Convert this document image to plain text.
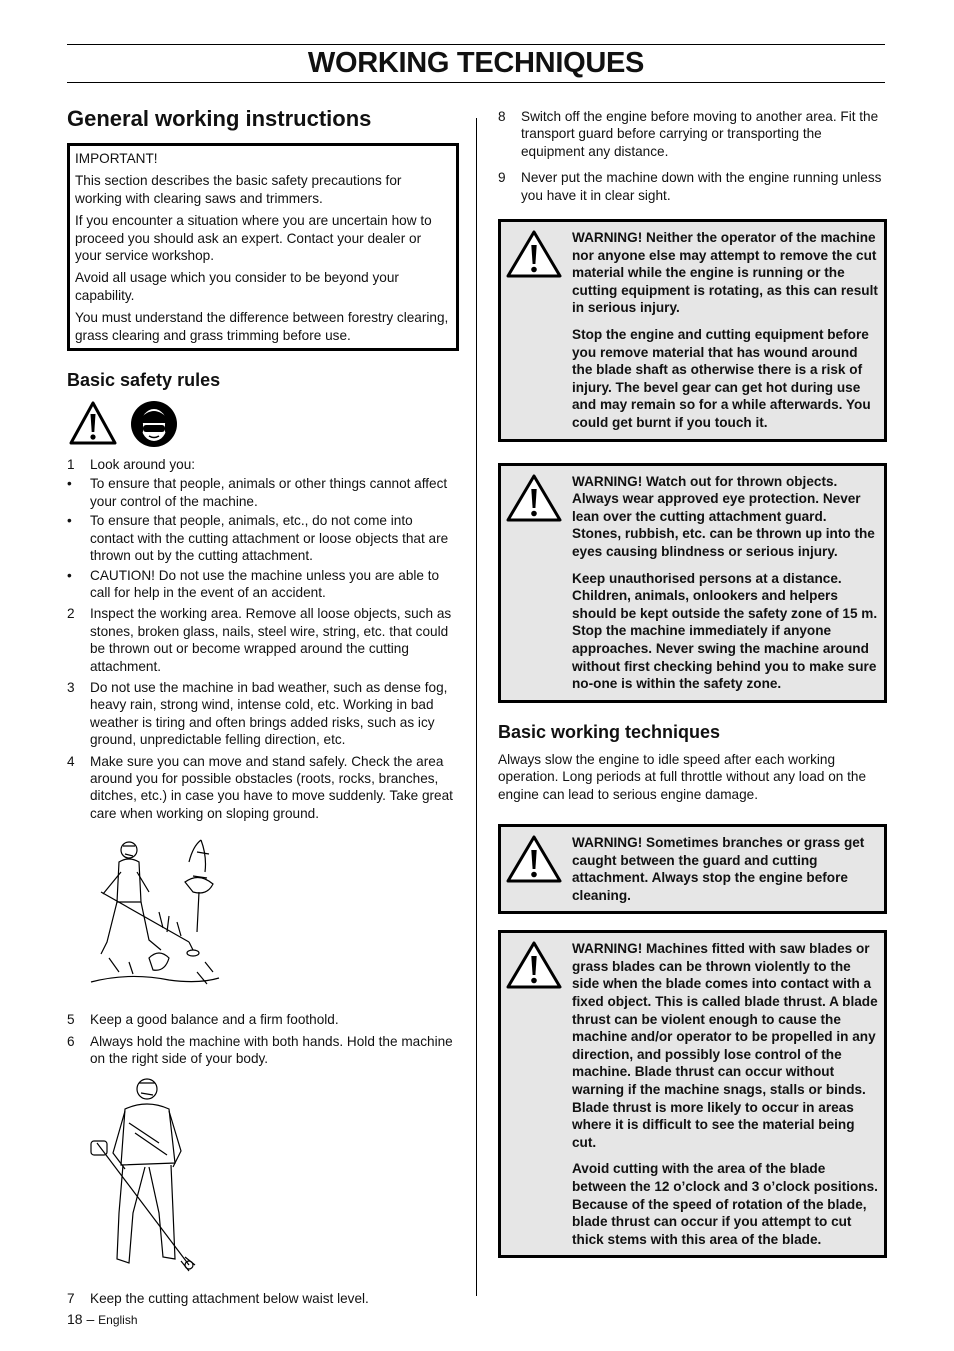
WORKING TECHNIQUES
General working instructions

IMPORTANT!

This section describes the basic safety precautions for working with clearing saws and trimmers.

If you encounter a situation where you are uncertain how to proceed you should ask an expert. Contact your dealer or your service workshop.

Avoid all usage which you consider to be beyond your capability.

You must understand the difference between forestry clearing, grass clearing and grass trimming before use.

Basic safety rules
1	Look around you:
•	To ensure that people, animals or other things cannot affect your control of the machine.
•	To ensure that people, animals, etc., do not come into contact with the cutting attachment or loose objects that are thrown out by the cutting attachment.
•	CAUTION! Do not use the machine unless you are able to call for help in the event of an accident.
2	Inspect the working area. Remove all loose objects, such as stones, broken glass, nails, steel wire, string, etc. that could be thrown out or become wrapped around the cutting attachment.
3	Do not use the machine in bad weather, such as dense fog, heavy rain, strong wind, intense cold, etc. Working in bad weather is tiring and often brings added risks, such as icy ground, unpredictable felling direction, etc.
4	Make sure you can move and stand safely. Check the area around you for possible obstacles (roots, rocks, branches, ditches, etc.) in case you have to move suddenly. Take great care when working on sloping ground.
5	Keep a good balance and a firm foothold.
6	Always hold the machine with both hands. Hold the machine on the right side of your body.
7	Keep the cutting attachment below waist level.
8	Switch off the engine before moving to another area. Fit the transport guard before carrying or transporting the equipment any distance.
9	Never put the machine down with the engine running unless you have it in clear sight.

WARNING! Neither the operator of the machine nor anyone else may attempt to remove the cut material while the engine is running or the cutting equipment is rotating, as this can result in serious injury.

Stop the engine and cutting equipment before you remove material that has wound around the blade shaft as otherwise there is a risk of injury. The bevel gear can get hot during use and may remain so for a while afterwards. You could get burnt if you touch it.

WARNING! Watch out for thrown objects. Always wear approved eye protection. Never lean over the cutting attachment guard. Stones, rubbish, etc. can be thrown up into the eyes causing blindness or serious injury.

Keep unauthorised persons at a distance. Children, animals, onlookers and helpers should be kept outside the safety zone of 15 m. Stop the machine immediately if anyone approaches. Never swing the machine around without first checking behind you to make sure no-one is within the safety zone.

Basic working techniques

Always slow the engine to idle speed after each working operation. Long periods at full throttle without any load on the engine can lead to serious engine damage.

WARNING! Sometimes branches or grass get caught between the guard and cutting attachment. Always stop the engine before cleaning.

WARNING! Machines fitted with saw blades or grass blades can be thrown violently to the side when the blade comes into contact with a fixed object. This is called blade thrust. A blade thrust can be violent enough to cause the machine and/or operator to be propelled in any direction, and possibly lose control of the machine. Blade thrust can occur without warning if the machine snags, stalls or binds. Blade thrust is more likely to occur in areas where it is difficult to see the material being cut.

Avoid cutting with the area of the blade between the 12 o’clock and 3 o’clock positions. Because of the speed of rotation of the blade, blade thrust can occur if you attempt to cut thick stems with this area of the blade.

18 – English
